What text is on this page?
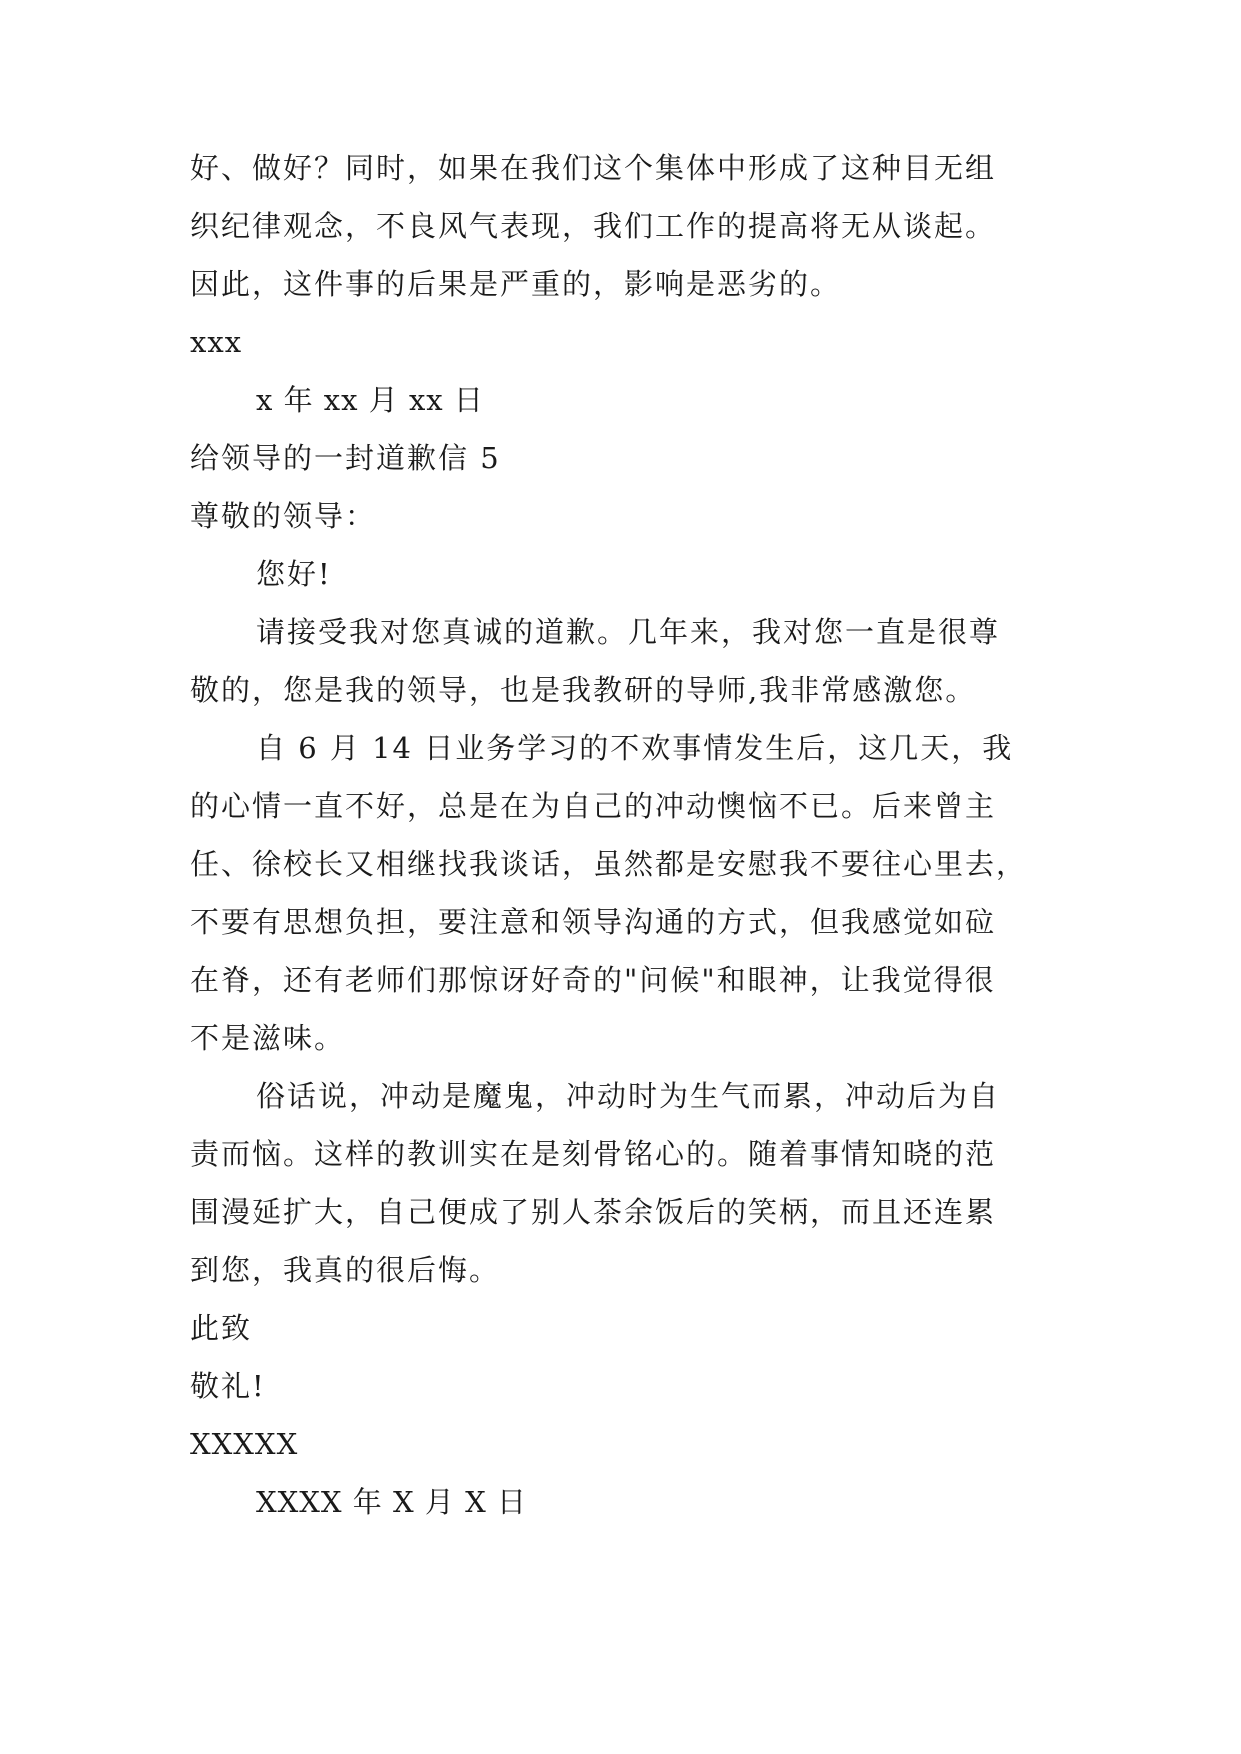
好、做好？同时，如果在我们这个集体中形成了这种目无组
织纪律观念，不良风气表现，我们工作的提高将无从谈起。
因此，这件事的后果是严重的，影响是恶劣的。
xxx
x 年 xx 月 xx 日
给领导的一封道歉信 5
尊敬的领导：
您好!
请接受我对您真诚的道歉。几年来，我对您一直是很尊
敬的，您是我的领导，也是我教研的导师,我非常感激您。
自 6 月 14 日业务学习的不欢事情发生后，这几天，我
的心情一直不好，总是在为自己的冲动懊恼不已。后来曾主
任、徐校长又相继找我谈话，虽然都是安慰我不要往心里去，
不要有思想负担，要注意和领导沟通的方式，但我感觉如砬
在脊，还有老师们那惊讶好奇的"问候"和眼神，让我觉得很
不是滋味。
俗话说，冲动是魔鬼，冲动时为生气而累，冲动后为自
责而恼。这样的教训实在是刻骨铭心的。随着事情知晓的范
围漫延扩大，自己便成了别人茶余饭后的笑柄，而且还连累
到您，我真的很后悔。
此致
敬礼!
XXXXX
XXXX 年 X 月 X 日
